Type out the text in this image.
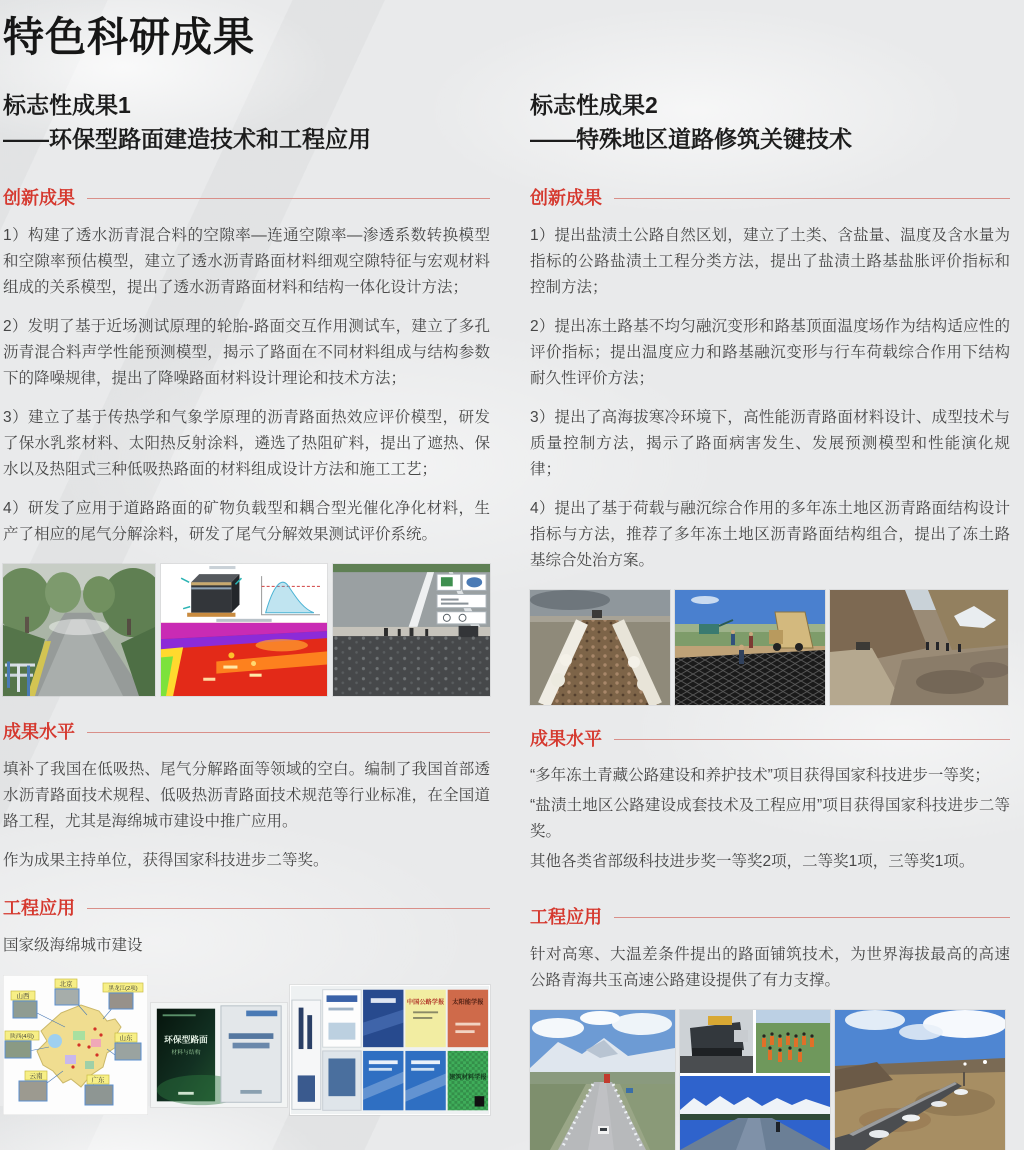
特色科研成果
标志性成果1
——环保型路面建造技术和工程应用
创新成果

1）构建了透水沥青混合料的空隙率—连通空隙率—渗透系数转换模型和空隙率预估模型，建立了透水沥青路面材料细观空隙特征与宏观材料组成的关系模型，提出了透水沥青路面材料和结构一体化设计方法；

2）发明了基于近场测试原理的轮胎-路面交互作用测试车，建立了多孔沥青混合料声学性能预测模型，揭示了路面在不同材料组成与结构参数下的降噪规律，提出了降噪路面材料设计理论和技术方法；

3）建立了基于传热学和气象学原理的沥青路面热效应评价模型，研发了保水乳浆材料、太阳热反射涂料，遴选了热阻矿料，提出了遮热、保水以及热阻式三种低吸热路面的材料组成设计方法和施工工艺；

4）研发了应用于道路路面的矿物负载型和耦合型光催化净化材料，生产了相应的尾气分解涂料，研发了尾气分解效果测试评价系统。

成果水平

填补了我国在低吸热、尾气分解路面等领域的空白。编制了我国首部透水沥青路面技术规程、低吸热沥青路面技术规范等行业标准，在全国道路工程，尤其是海绵城市建设中推广应用。

作为成果主持单位，获得国家科技进步二等奖。

工程应用

国家级海绵城市建设

山西
北京
黑龙江(2项)
陕西(4项)	山东
云南
广东
环保型路面
材料与结构
中国公路学报 太阳能学报
建筑材料学报
标志性成果2
——特殊地区道路修筑关键技术
创新成果

1）提出盐渍土公路自然区划，建立了土类、含盐量、温度及含水量为指标的公路盐渍土工程分类方法，提出了盐渍土路基盐胀评价指标和控制方法；

2）提出冻土路基不均匀融沉变形和路基顶面温度场作为结构适应性的评价指标；提出温度应力和路基融沉变形与行车荷载综合作用下结构耐久性评价方法；

3）提出了高海拔寒冷环境下，高性能沥青路面材料设计、成型技术与质量控制方法，揭示了路面病害发生、发展预测模型和性能演化规律；

4）提出了基于荷载与融沉综合作用的多年冻土地区沥青路面结构设计指标与方法，推荐了多年冻土地区沥青路面结构组合，提出了冻土路基综合处治方案。

成果水平

“多年冻土青藏公路建设和养护技术”项目获得国家科技进步一等奖；

“盐渍土地区公路建设成套技术及工程应用”项目获得国家科技进步二等奖。

其他各类省部级科技进步奖一等奖2项，二等奖1项，三等奖1项。

工程应用

针对高寒、大温差条件提出的路面铺筑技术，为世界海拔最高的高速公路青海共玉高速公路建设提供了有力支撑。
